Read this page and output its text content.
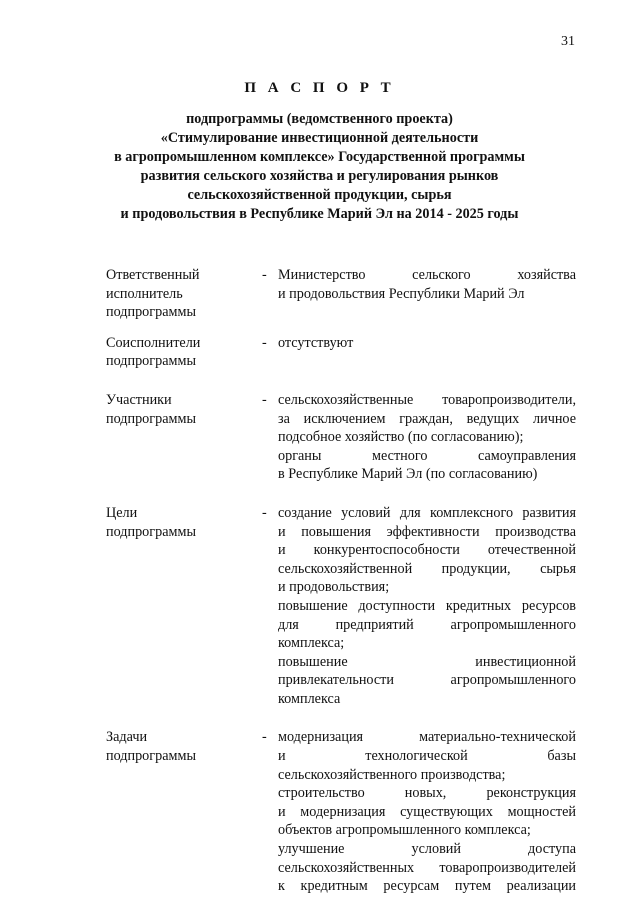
31
П А С П О Р Т
подпрограммы (ведомственного проекта)
«Стимулирование инвестиционной деятельности
в агропромышленном комплексе» Государственной программы
развития сельского хозяйства и регулирования рынков
сельскохозяйственной продукции, сырья
и продовольствия в Республике Марий Эл на 2014 - 2025 годы
Ответственный
исполнитель
подпрограммы
- Министерство сельского хозяйства
и продовольствия Республики Марий Эл
Соисполнители
подпрограммы
- отсутствуют
Участники
подпрограммы
- сельскохозяйственные товаропроизводители,
за исключением граждан, ведущих личное
подсобное хозяйство (по согласованию);
органы местного самоуправления
в Республике Марий Эл (по согласованию)
Цели
подпрограммы
- создание условий для комплексного развития
и повышения эффективности производства
и конкурентоспособности отечественной
сельскохозяйственной продукции, сырья
и продовольствия;
повышение доступности кредитных ресурсов
для предприятий агропромышленного
комплекса;
повышение инвестиционной
привлекательности агропромышленного
комплекса
Задачи
подпрограммы
- модернизация материально-технической
и технологической базы
сельскохозяйственного производства;
строительство новых, реконструкция
и модернизация существующих мощностей
объектов агропромышленного комплекса;
улучшение условий доступа
сельскохозяйственных товаропроизводителей
к кредитным ресурсам путем реализации
